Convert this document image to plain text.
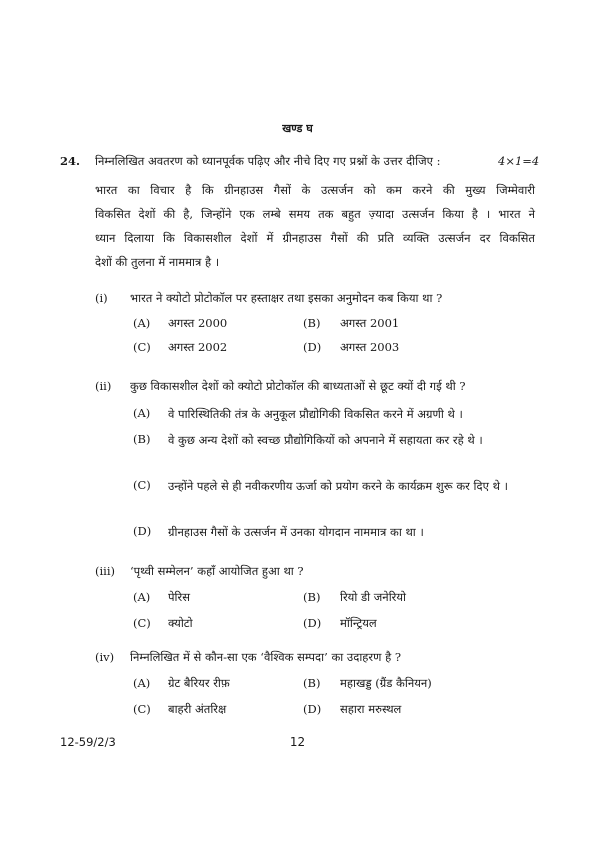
खण्ड घ
24. निम्नलिखित अवतरण को ध्यानपूर्वक पढ़िए और नीचे दिए गए प्रश्नों के उत्तर दीजिए :	4×1=4
भारत का विचार है कि ग्रीनहाउस गैसों के उत्सर्जन को कम करने की मुख्य जिम्मेवारी
विकसित देशों की है, जिन्होंने एक लम्बे समय तक बहुत ज़्यादा उत्सर्जन किया है । भारत ने
ध्यान दिलाया कि विकासशील देशों में ग्रीनहाउस गैसों की प्रति व्यक्ति उत्सर्जन दर विकसित
देशों की तुलना में नाममात्र है ।
(i) भारत ने क्योटो प्रोटोकॉल पर हस्ताक्षर तथा इसका अनुमोदन कब किया था ?
(A) अगस्त 2000	(B) अगस्त 2001
(C) अगस्त 2002	(D) अगस्त 2003
(ii) कुछ विकासशील देशों को क्योटो प्रोटोकॉल की बाध्यताओं से छूट क्यों दी गई थी ?
(A) वे पारिस्थितिकी तंत्र के अनुकूल प्रौद्योगिकी विकसित करने में अग्रणी थे ।
(B) वे कुछ अन्य देशों को स्वच्छ प्रौद्योगिकियों को अपनाने में सहायता कर रहे थे ।
(C) उन्होंने पहले से ही नवीकरणीय ऊर्जा को प्रयोग करने के कार्यक्रम शुरू कर दिए थे ।
(D) ग्रीनहाउस गैसों के उत्सर्जन में उनका योगदान नाममात्र का था ।
(iii) ‘पृथ्वी सम्मेलन’ कहाँ आयोजित हुआ था ?
(A) पेरिस	(B) रियो डी जनेरियो
(C) क्योटो	(D) मॉन्ट्रियल
(iv) निम्नलिखित में से कौन-सा एक ‘वैश्विक सम्पदा’ का उदाहरण है ?
(A) ग्रेट बैरियर रीफ़	(B) महाखड्ड (ग्रैंड कैनियन)
(C) बाहरी अंतरिक्ष	(D) सहारा मरुस्थल
12-59/2/3	12
